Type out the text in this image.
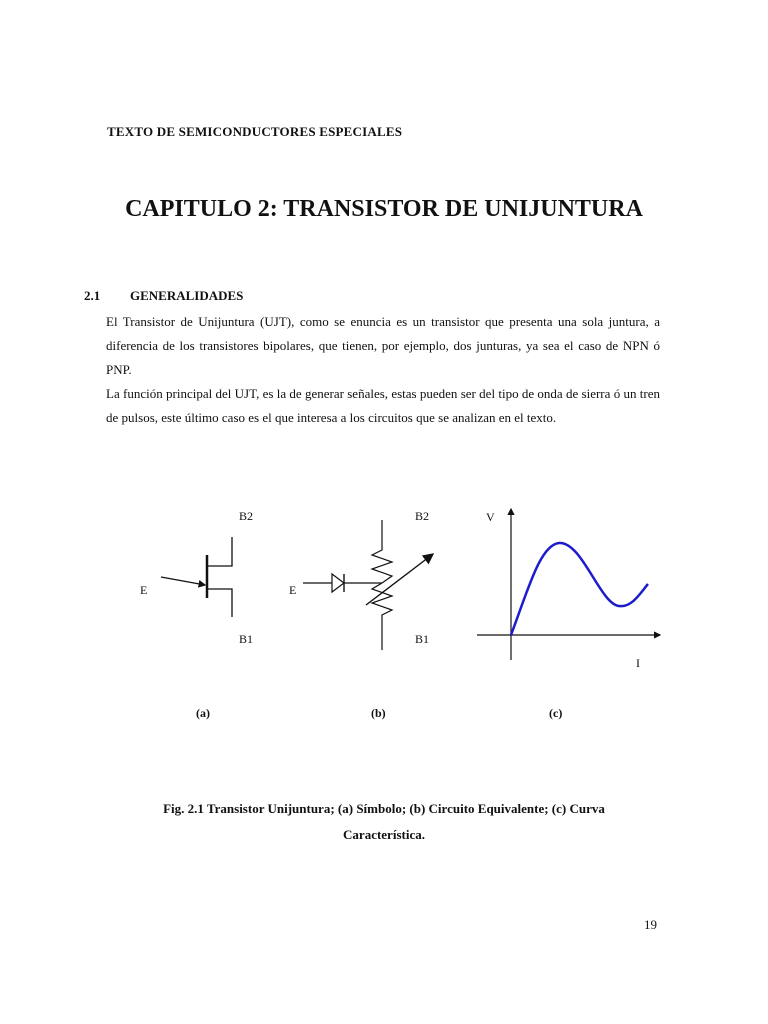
TEXTO DE SEMICONDUCTORES ESPECIALES
CAPITULO 2: TRANSISTOR DE UNIJUNTURA
2.1 GENERALIDADES

El Transistor de Unijuntura (UJT), como se enuncia es un transistor que presenta una sola juntura, a diferencia de los transistores bipolares, que tienen, por ejemplo, dos junturas, ya sea el caso de NPN ó PNP.

La función principal del UJT, es la de generar señales, estas pueden ser del tipo de onda de sierra ó un tren de pulsos, este último caso es el que interesa a los circuitos que se analizan en el texto.

B2
E
B1
(a)
B2
E
B1
(b)
V
I
(c)
Fig. 2.1 Transistor Unijuntura; (a) Símbolo; (b) Circuito Equivalente; (c) Curva
Característica.
19
